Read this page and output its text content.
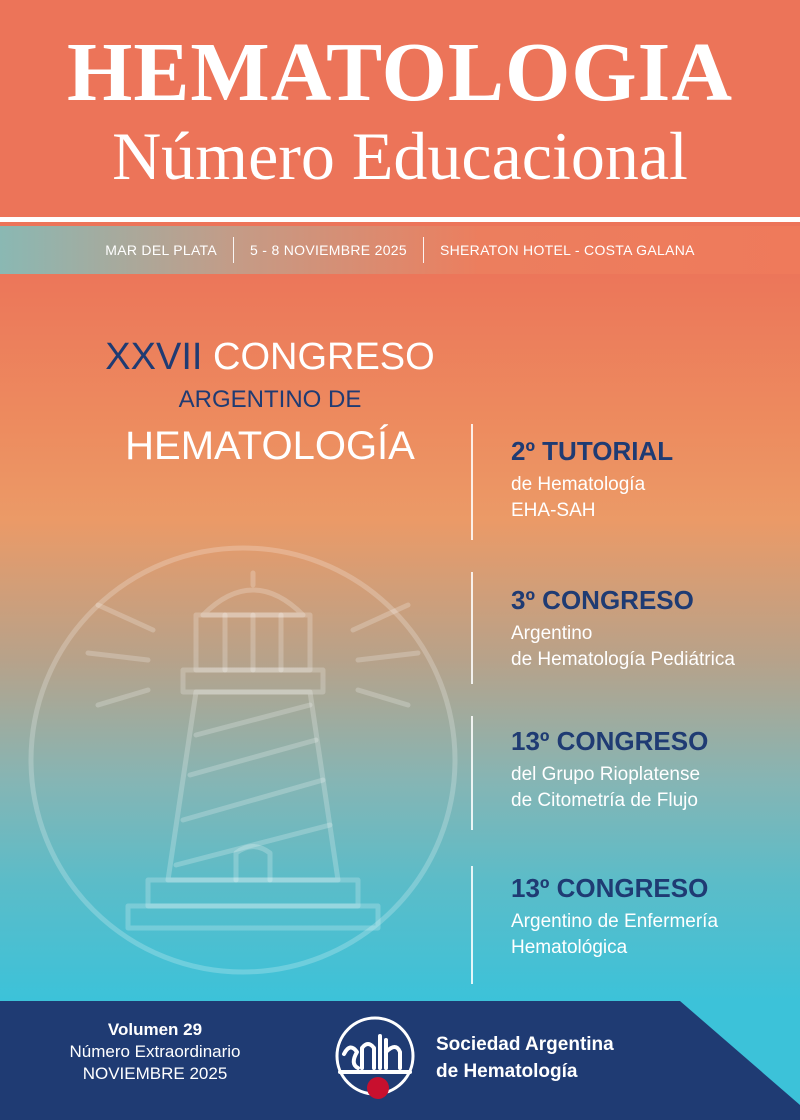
HEMATOLOGIA
Número Educacional
MAR DEL PLATA	5 - 8 NOVIEMBRE 2025	SHERATON HOTEL - COSTA GALANA
XXVII CONGRESO
ARGENTINO DE
HEMATOLOGÍA	2º TUTORIAL
de Hematología
EHA-SAH
3º CONGRESO
Argentino
de Hematología Pediátrica
13º CONGRESO
del Grupo Rioplatense
de Citometría de Flujo
13º CONGRESO
Argentino de Enfermería
Hematológica
Volumen 29
Número Extraordinario
NOVIEMBRE 2025
Sociedad Argentina
de Hematología
